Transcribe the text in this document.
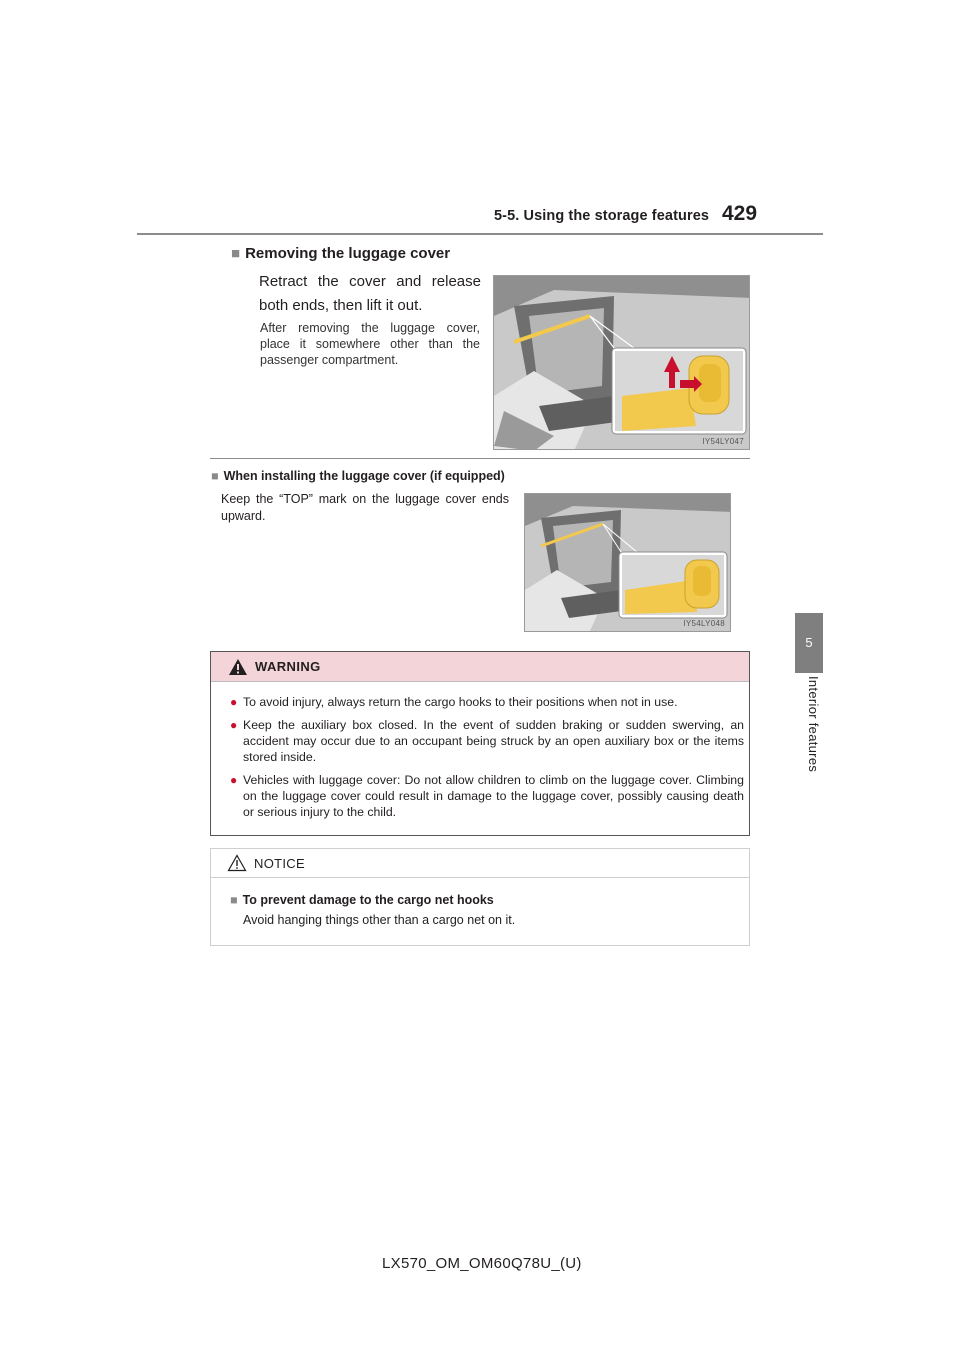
5-5. Using the storage features 429
5
Interior features
■ Removing the luggage cover
Retract the cover and release both ends, then lift it out.
After removing the luggage cover, place it somewhere other than the passenger compartment.
IY54LY047
■ When installing the luggage cover (if equipped)
Keep the “TOP” mark on the luggage cover ends upward.
IY54LY048
WARNING
● To avoid injury, always return the cargo hooks to their positions when not in use.
● Keep the auxiliary box closed. In the event of sudden braking or sudden swerving, an accident may occur due to an occupant being struck by an open auxiliary box or the items stored inside.
● Vehicles with luggage cover: Do not allow children to climb on the luggage cover. Climbing on the luggage cover could result in damage to the luggage cover, possibly causing death or serious injury to the child.
NOTICE
■ To prevent damage to the cargo net hooks
Avoid hanging things other than a cargo net on it.
LX570_OM_OM60Q78U_(U)
